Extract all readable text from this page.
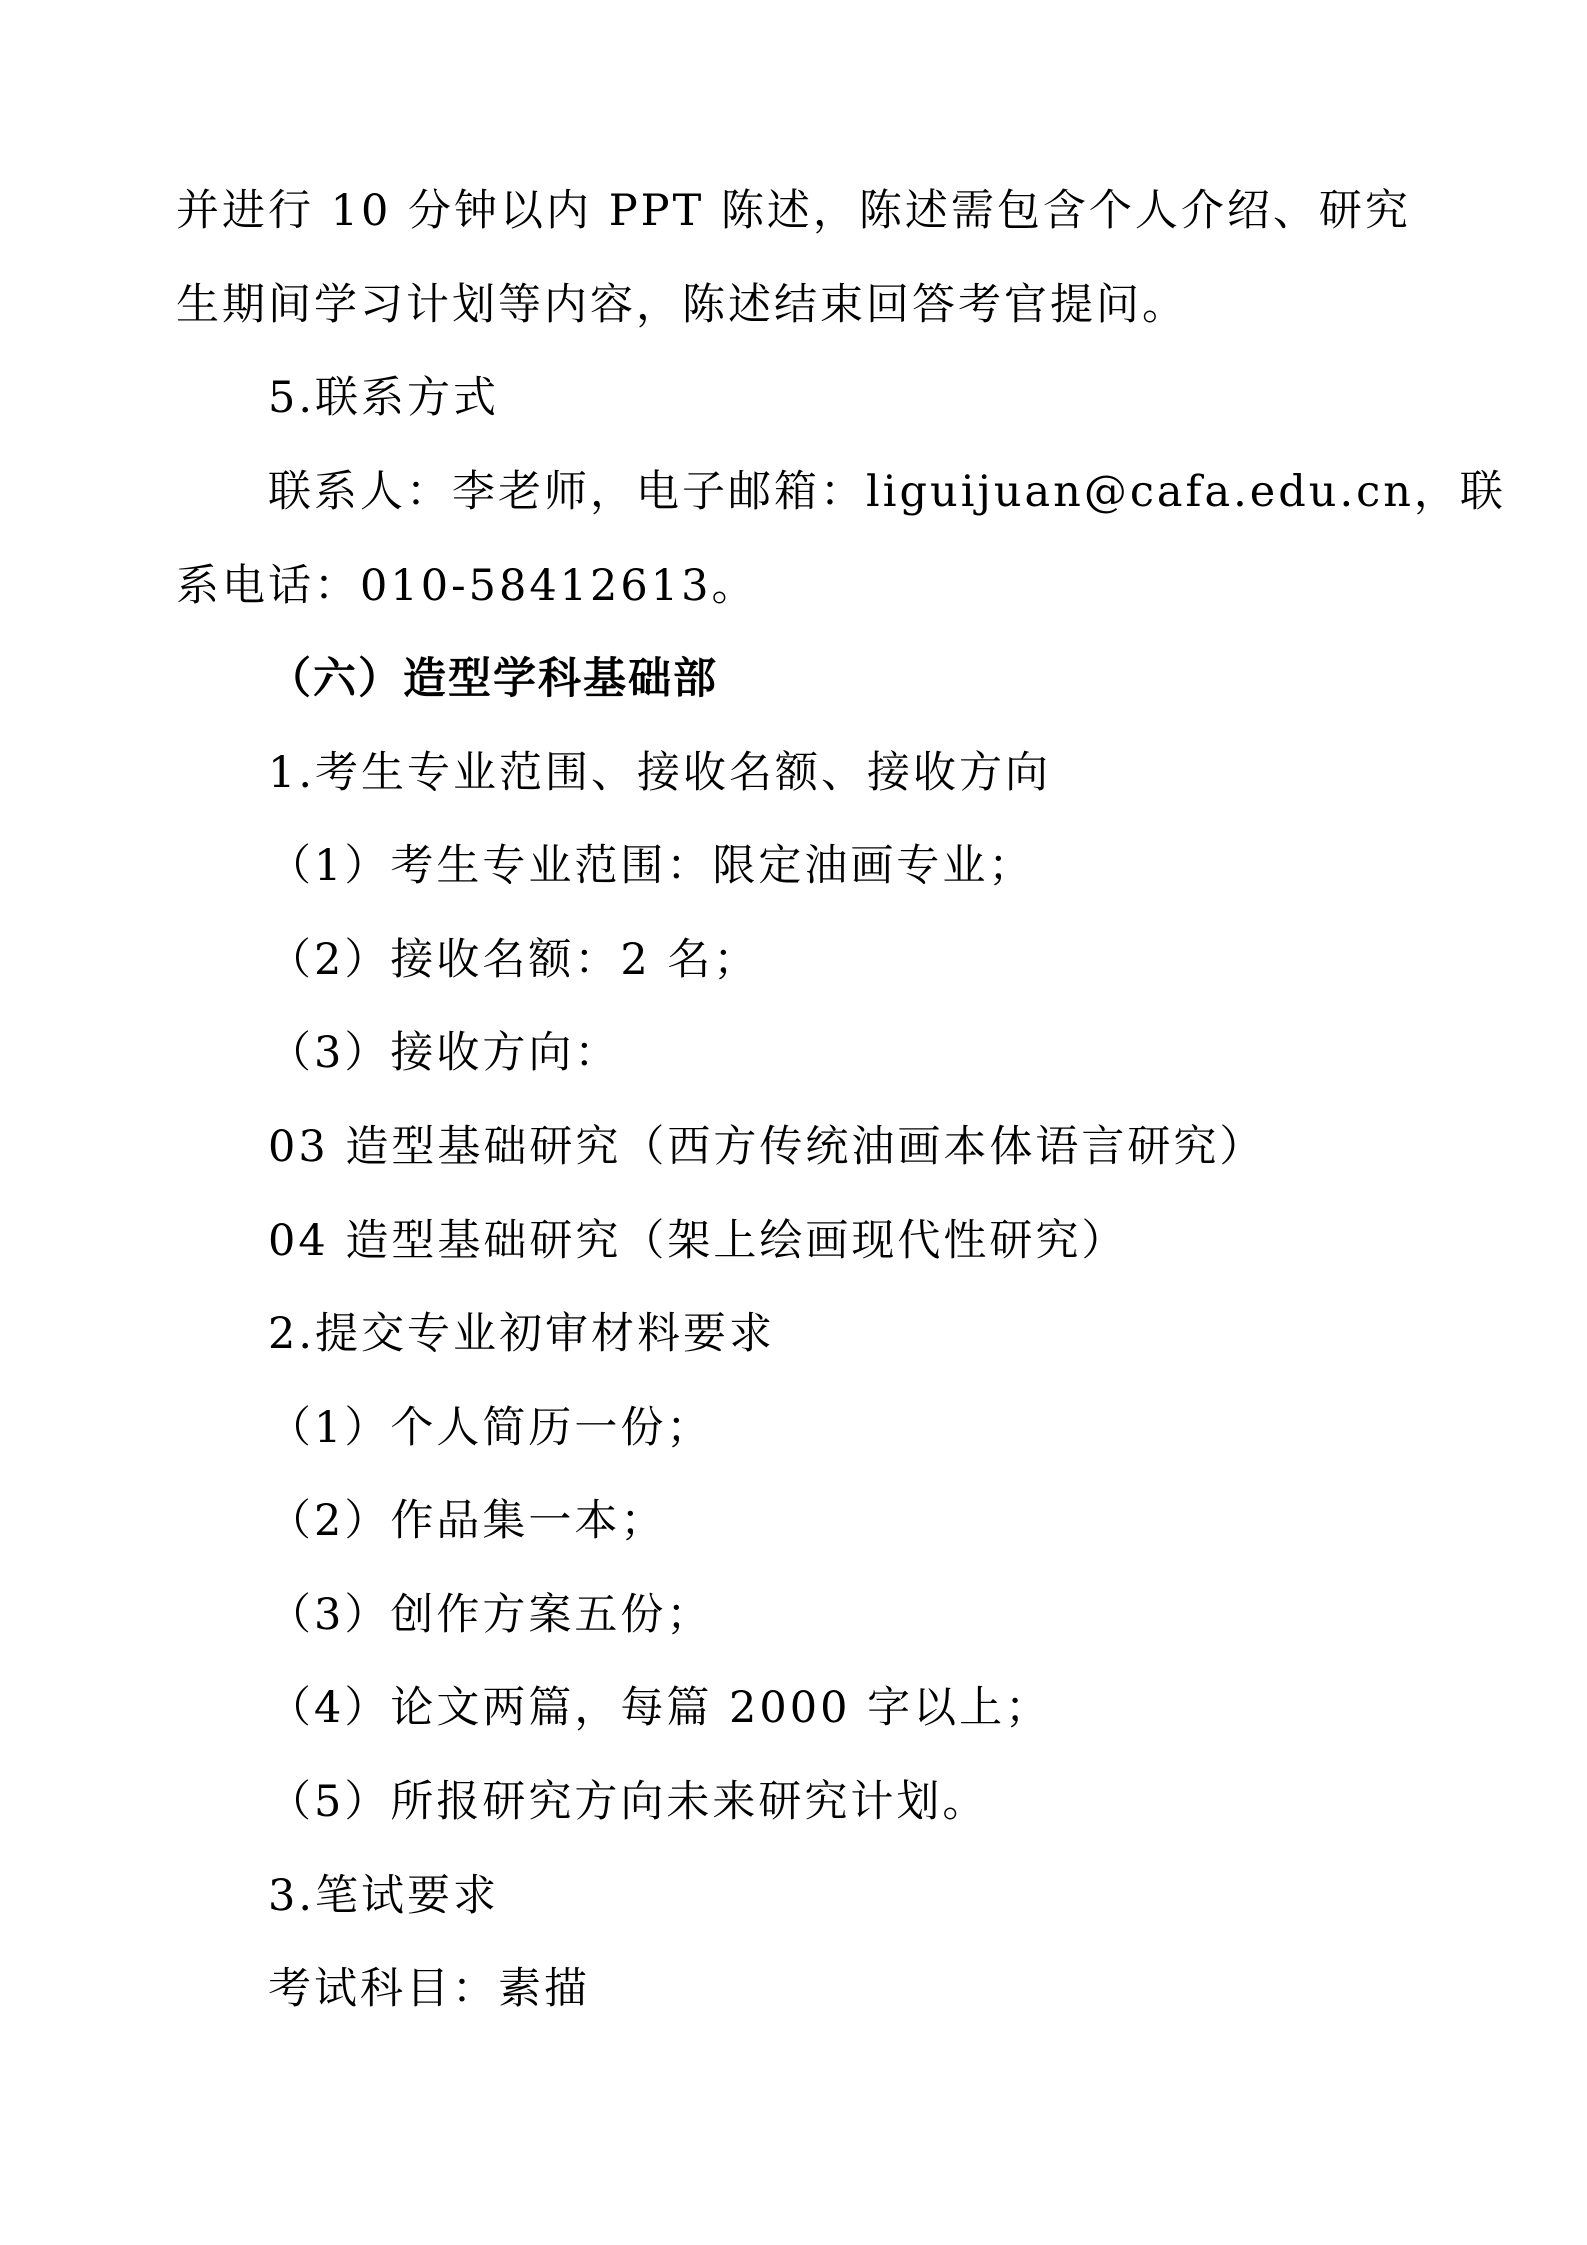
并进行 10 分钟以内 PPT 陈述，陈述需包含个人介绍、研究
生期间学习计划等内容，陈述结束回答考官提问。
5.联系方式
联系人：李老师，电子邮箱：liguijuan@cafa.edu.cn，联
系电话：010-58412613。
（六）造型学科基础部
1.考生专业范围、接收名额、接收方向
（1）考生专业范围：限定油画专业；
（2）接收名额：2 名；
（3）接收方向：
03 造型基础研究（西方传统油画本体语言研究）
04 造型基础研究（架上绘画现代性研究）
2.提交专业初审材料要求
（1）个人简历一份；
（2）作品集一本；
（3）创作方案五份；
（4）论文两篇，每篇 2000 字以上；
（5）所报研究方向未来研究计划。
3.笔试要求
考试科目：素描
